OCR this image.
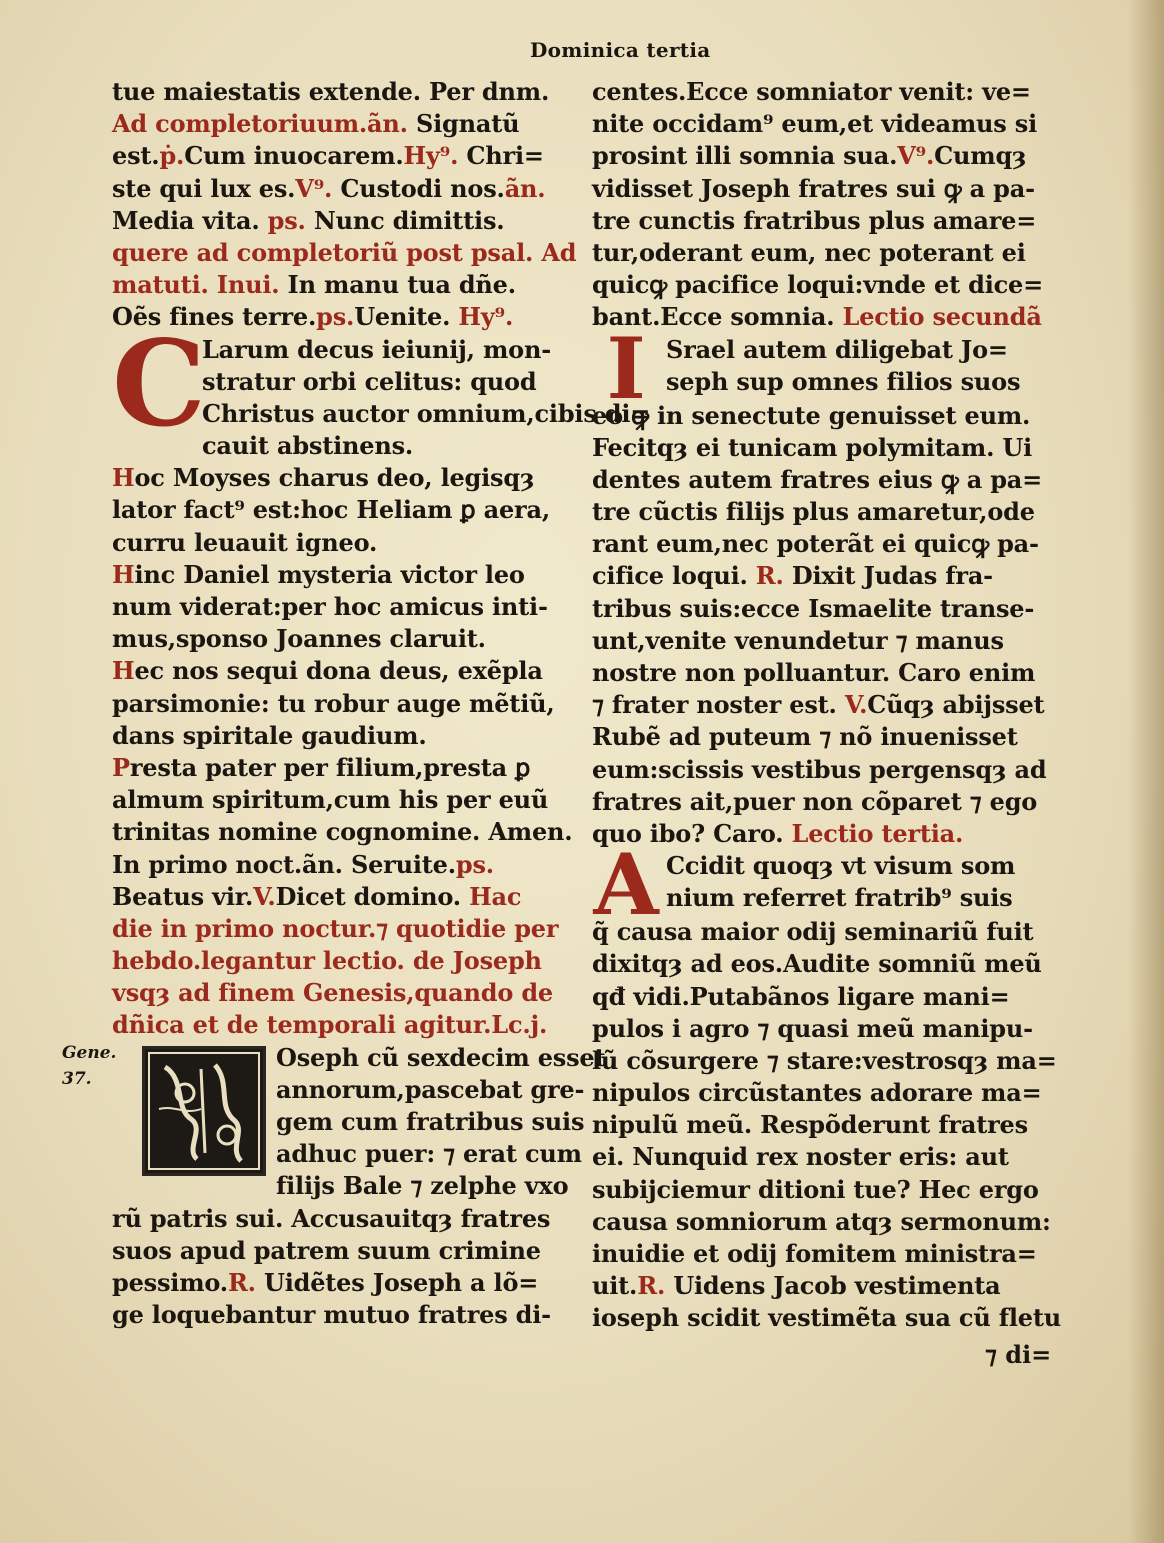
Dominica tertia
tue maiestatis extende. Per dnm.
Ad completoriuum.ãn. Signatũ
est.ṗ.Cum inuocarem.Hy⁹. Chri=
ste qui lux es.V⁹. Custodi nos.ãn.
Media vita. ps. Nunc dimittis.
quere ad completoriũ post psal. Ad
matuti. Inui. In manu tua dñe.
Oẽs fines terre.ps.Uenite. Hy⁹.
C
Larum decus ieiunij, mon-
stratur orbi celitus: quod
Christus auctor omnium,cibis di=
cauit abstinens.
Hoc Moyses charus deo, legisqȝ
lator fact⁹ est:hoc Heliam ꝑ aera,
curru leuauit igneo.
Hinc Daniel mysteria victor leo
num viderat:per hoc amicus inti-
mus,sponso Joannes claruit.
Hec nos sequi dona deus, exẽpla
parsimonie: tu robur auge mẽtiũ,
dans spiritale gaudium.
Presta pater per filium,presta ꝑ
almum spiritum,cum his per euũ
trinitas nomine cognomine. Amen.
In primo noct.ãn. Seruite.ps.
Beatus vir.V.Dicet domino. Hac
die in primo noctur.⁊ quotidie per
hebdo.legantur lectio. de Joseph
vsqȝ ad finem Genesis,quando de
dñica et de temporali agitur.Lc.j.
Oseph cũ sexdecim esset
annorum,pascebat gre-
gem cum fratribus suis
adhuc puer: ⁊ erat cum
filijs Bale ⁊ zelphe vxo
rũ patris sui. Accusauitqȝ fratres
suos apud patrem suum crimine
pessimo.R. Uidẽtes Joseph a lõ=
ge loquebantur mutuo fratres di-
centes.Ecce somniator venit: ve=
nite occidam⁹ eum,et videamus si
prosint illi somnia sua.V⁹.Cumqȝ
vidisset Joseph fratres sui ꝙ a pa-
tre cunctis fratribus plus amare=
tur,oderant eum, nec poterant ei
quicꝙ pacifice loqui:vnde et dice=
bant.Ecce somnia. Lectio secundã
I Srael autem diligebat Jo=
seph sup omnes filios suos
eo ꝙ in senectute genuisset eum.
Fecitqȝ ei tunicam polymitam. Ui
dentes autem fratres eius ꝙ a pa=
tre cũctis filijs plus amaretur,ode
rant eum,nec poterãt ei quicꝙ pa-
cifice loqui. R. Dixit Judas fra-
tribus suis:ecce Ismaelite transe-
unt,venite venundetur ⁊ manus
nostre non polluantur. Caro enim
⁊ frater noster est. V.Cũqȝ abijsset
Rubẽ ad puteum ⁊ nõ inuenisset
eum:scissis vestibus pergensqȝ ad
fratres ait,puer non cõparet ⁊ ego
quo ibo? Caro. Lectio tertia.
A Ccidit quoqȝ vt visum som
nium referret fratrib⁹ suis
q̃ causa maior odij seminariũ fuit
dixitqȝ ad eos.Audite somniũ meũ
qđ vidi.Putabãnos ligare mani=
pulos i agro ⁊ quasi meũ manipu-
lũ cõsurgere ⁊ stare:vestrosqȝ ma=
nipulos circũstantes adorare ma=
nipulũ meũ. Respõderunt fratres
ei. Nunquid rex noster eris: aut
subijciemur ditioni tue? Hec ergo
causa somniorum atqȝ sermonum:
inuidie et odij fomitem ministra=
uit.R. Uidens Jacob vestimenta
ioseph scidit vestimẽta sua cũ fletu
Gene.
37.
⁊ di=
